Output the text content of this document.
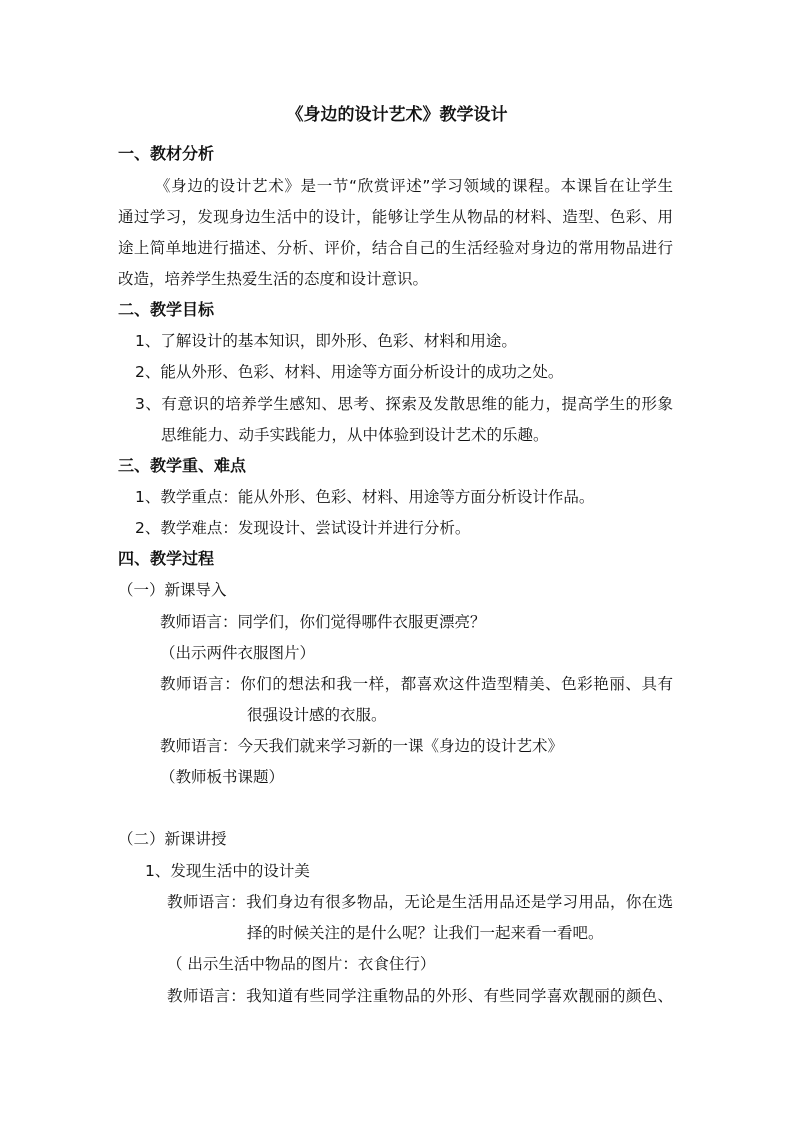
《身边的设计艺术》教学设计
一、教材分析
《身边的设计艺术》是一节“欣赏评述”学习领域的课程。本课旨在让学生
通过学习，发现身边生活中的设计，能够让学生从物品的材料、造型、色彩、用
途上简单地进行描述、分析、评价，结合自己的生活经验对身边的常用物品进行
改造，培养学生热爱生活的态度和设计意识。
二、教学目标
1、了解设计的基本知识，即外形、色彩、材料和用途。
2、能从外形、色彩、材料、用途等方面分析设计的成功之处。
3、有意识的培养学生感知、思考、探索及发散思维的能力，提高学生的形象
思维能力、动手实践能力，从中体验到设计艺术的乐趣。
三、教学重、难点
1、教学重点：能从外形、色彩、材料、用途等方面分析设计作品。
2、教学难点：发现设计、尝试设计并进行分析。
四、教学过程
（一）新课导入
教师语言：同学们，你们觉得哪件衣服更漂亮？
（出示两件衣服图片）
教师语言：你们的想法和我一样，都喜欢这件造型精美、色彩艳丽、具有
很强设计感的衣服。
教师语言：今天我们就来学习新的一课《身边的设计艺术》
（教师板书课题）
（二）新课讲授
1、发现生活中的设计美
教师语言：我们身边有很多物品，无论是生活用品还是学习用品，你在选
择的时候关注的是什么呢？让我们一起来看一看吧。
（ 出示生活中物品的图片：衣食住行）
教师语言：我知道有些同学注重物品的外形、有些同学喜欢靓丽的颜色、
